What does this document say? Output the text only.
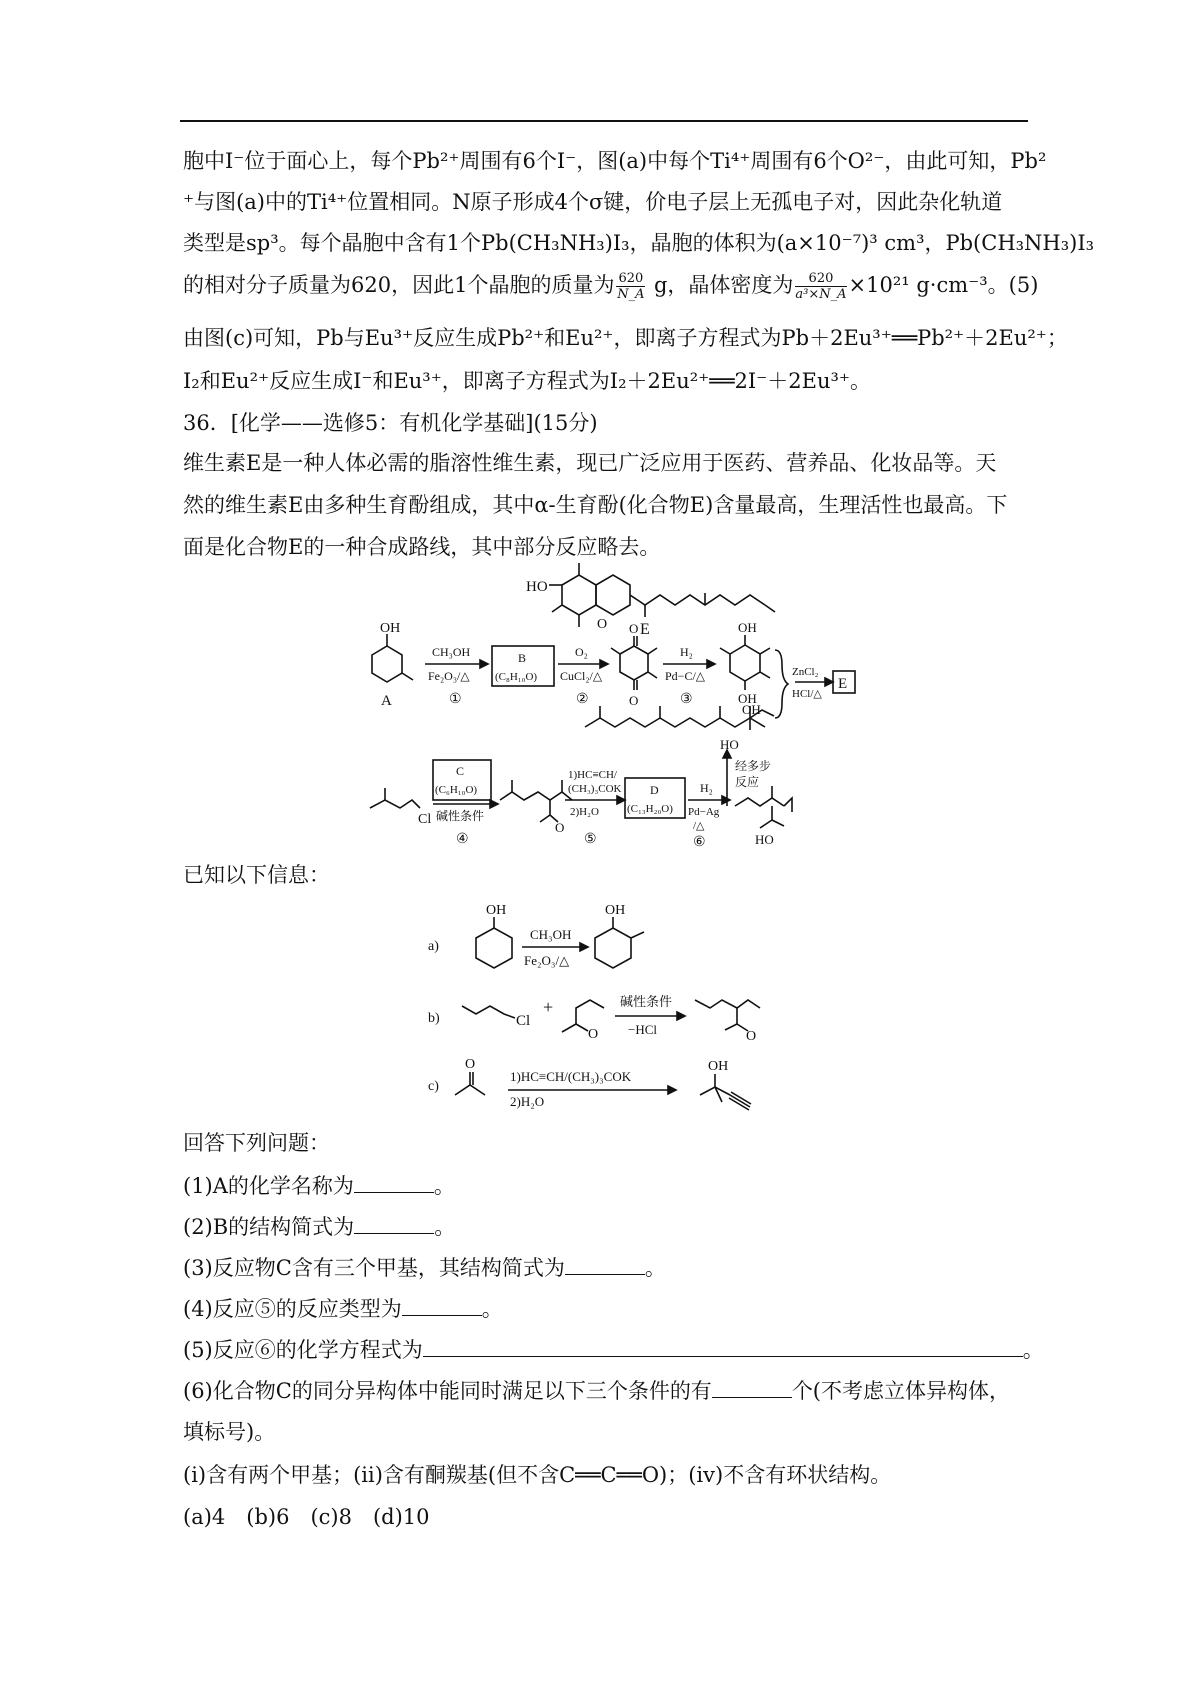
胞中I⁻位于面心上，每个Pb²⁺周围有6个I⁻，图(a)中每个Ti⁴⁺周围有6个O²⁻，由此可知，Pb²
⁺与图(a)中的Ti⁴⁺位置相同。N原子形成4个σ键，价电子层上无孤电子对，因此杂化轨道
类型是sp³。每个晶胞中含有1个Pb(CH₃NH₃)I₃，晶胞的体积为(a×10⁻⁷)³ cm³，Pb(CH₃NH₃)I₃
的相对分子质量为620，因此1个晶胞的质量为 $\frac{620}{N\_A}$ g，晶体密度为 $\frac{620}{\text{a³×N\_A}} \times 10^{21}$ g·cm⁻³。(5)
由图(c)可知，Pb与Eu³⁺反应生成Pb²⁺和Eu²⁺，即离子方程式为Pb＋2Eu³⁺══Pb²⁺＋2Eu²⁺；
I₂和Eu²⁺反应生成I⁻和Eu³⁺，即离子方程式为I₂＋2Eu²⁺══2I⁻＋2Eu³⁺。
36．[化学——选修5：有机化学基础](15分)
维生素E是一种人体必需的脂溶性维生素，现已广泛应用于医药、营养品、化妆品等。天
然的维生素E由多种生育酚组成，其中α-生育酚(化合物E)含量最高，生理活性也最高。下
面是化合物E的一种合成路线，其中部分反应略去。
HO
O E
OH
A
CH₃OH
Fe₂O₃/△
①
B
(C₈H₁₀O)
O₂
CuCl₂/△
②
O
O
H₂
Pd−C/△
③
OH
OH
ZnCl₂
HCl/△
E
OH
HO
经多步
反应
Cl
C
(C₆H₁₀O)
碱性条件
④
O
1)HC≡CH/
(CH₃)₃COK
2)H₂O
⑤
D
(C₁₃H₂₀O)
H₂
Pd−Ag
/△
⑥	HO
已知以下信息：
a)
OH
CH₃OH
Fe₂O₃/△
OH
b)	Cl
+
O
碱性条件
−HCl	O
c)
O
1)HC≡CH/(CH₃)₃COK
2)H₂O
OH
回答下列问题：
(1)A的化学名称为	。
(2)B的结构简式为	。
(3)反应物C含有三个甲基，其结构简式为	。
(4)反应⑤的反应类型为	。
(5)反应⑥的化学方程式为	。
(6)化合物C的同分异构体中能同时满足以下三个条件的有	个(不考虑立体异构体，
填标号)。
(ⅰ)含有两个甲基；(ⅱ)含有酮羰基(但不含C══C══O)；(ⅳ)不含有环状结构。
(a)4　(b)6　(c)8　(d)10
